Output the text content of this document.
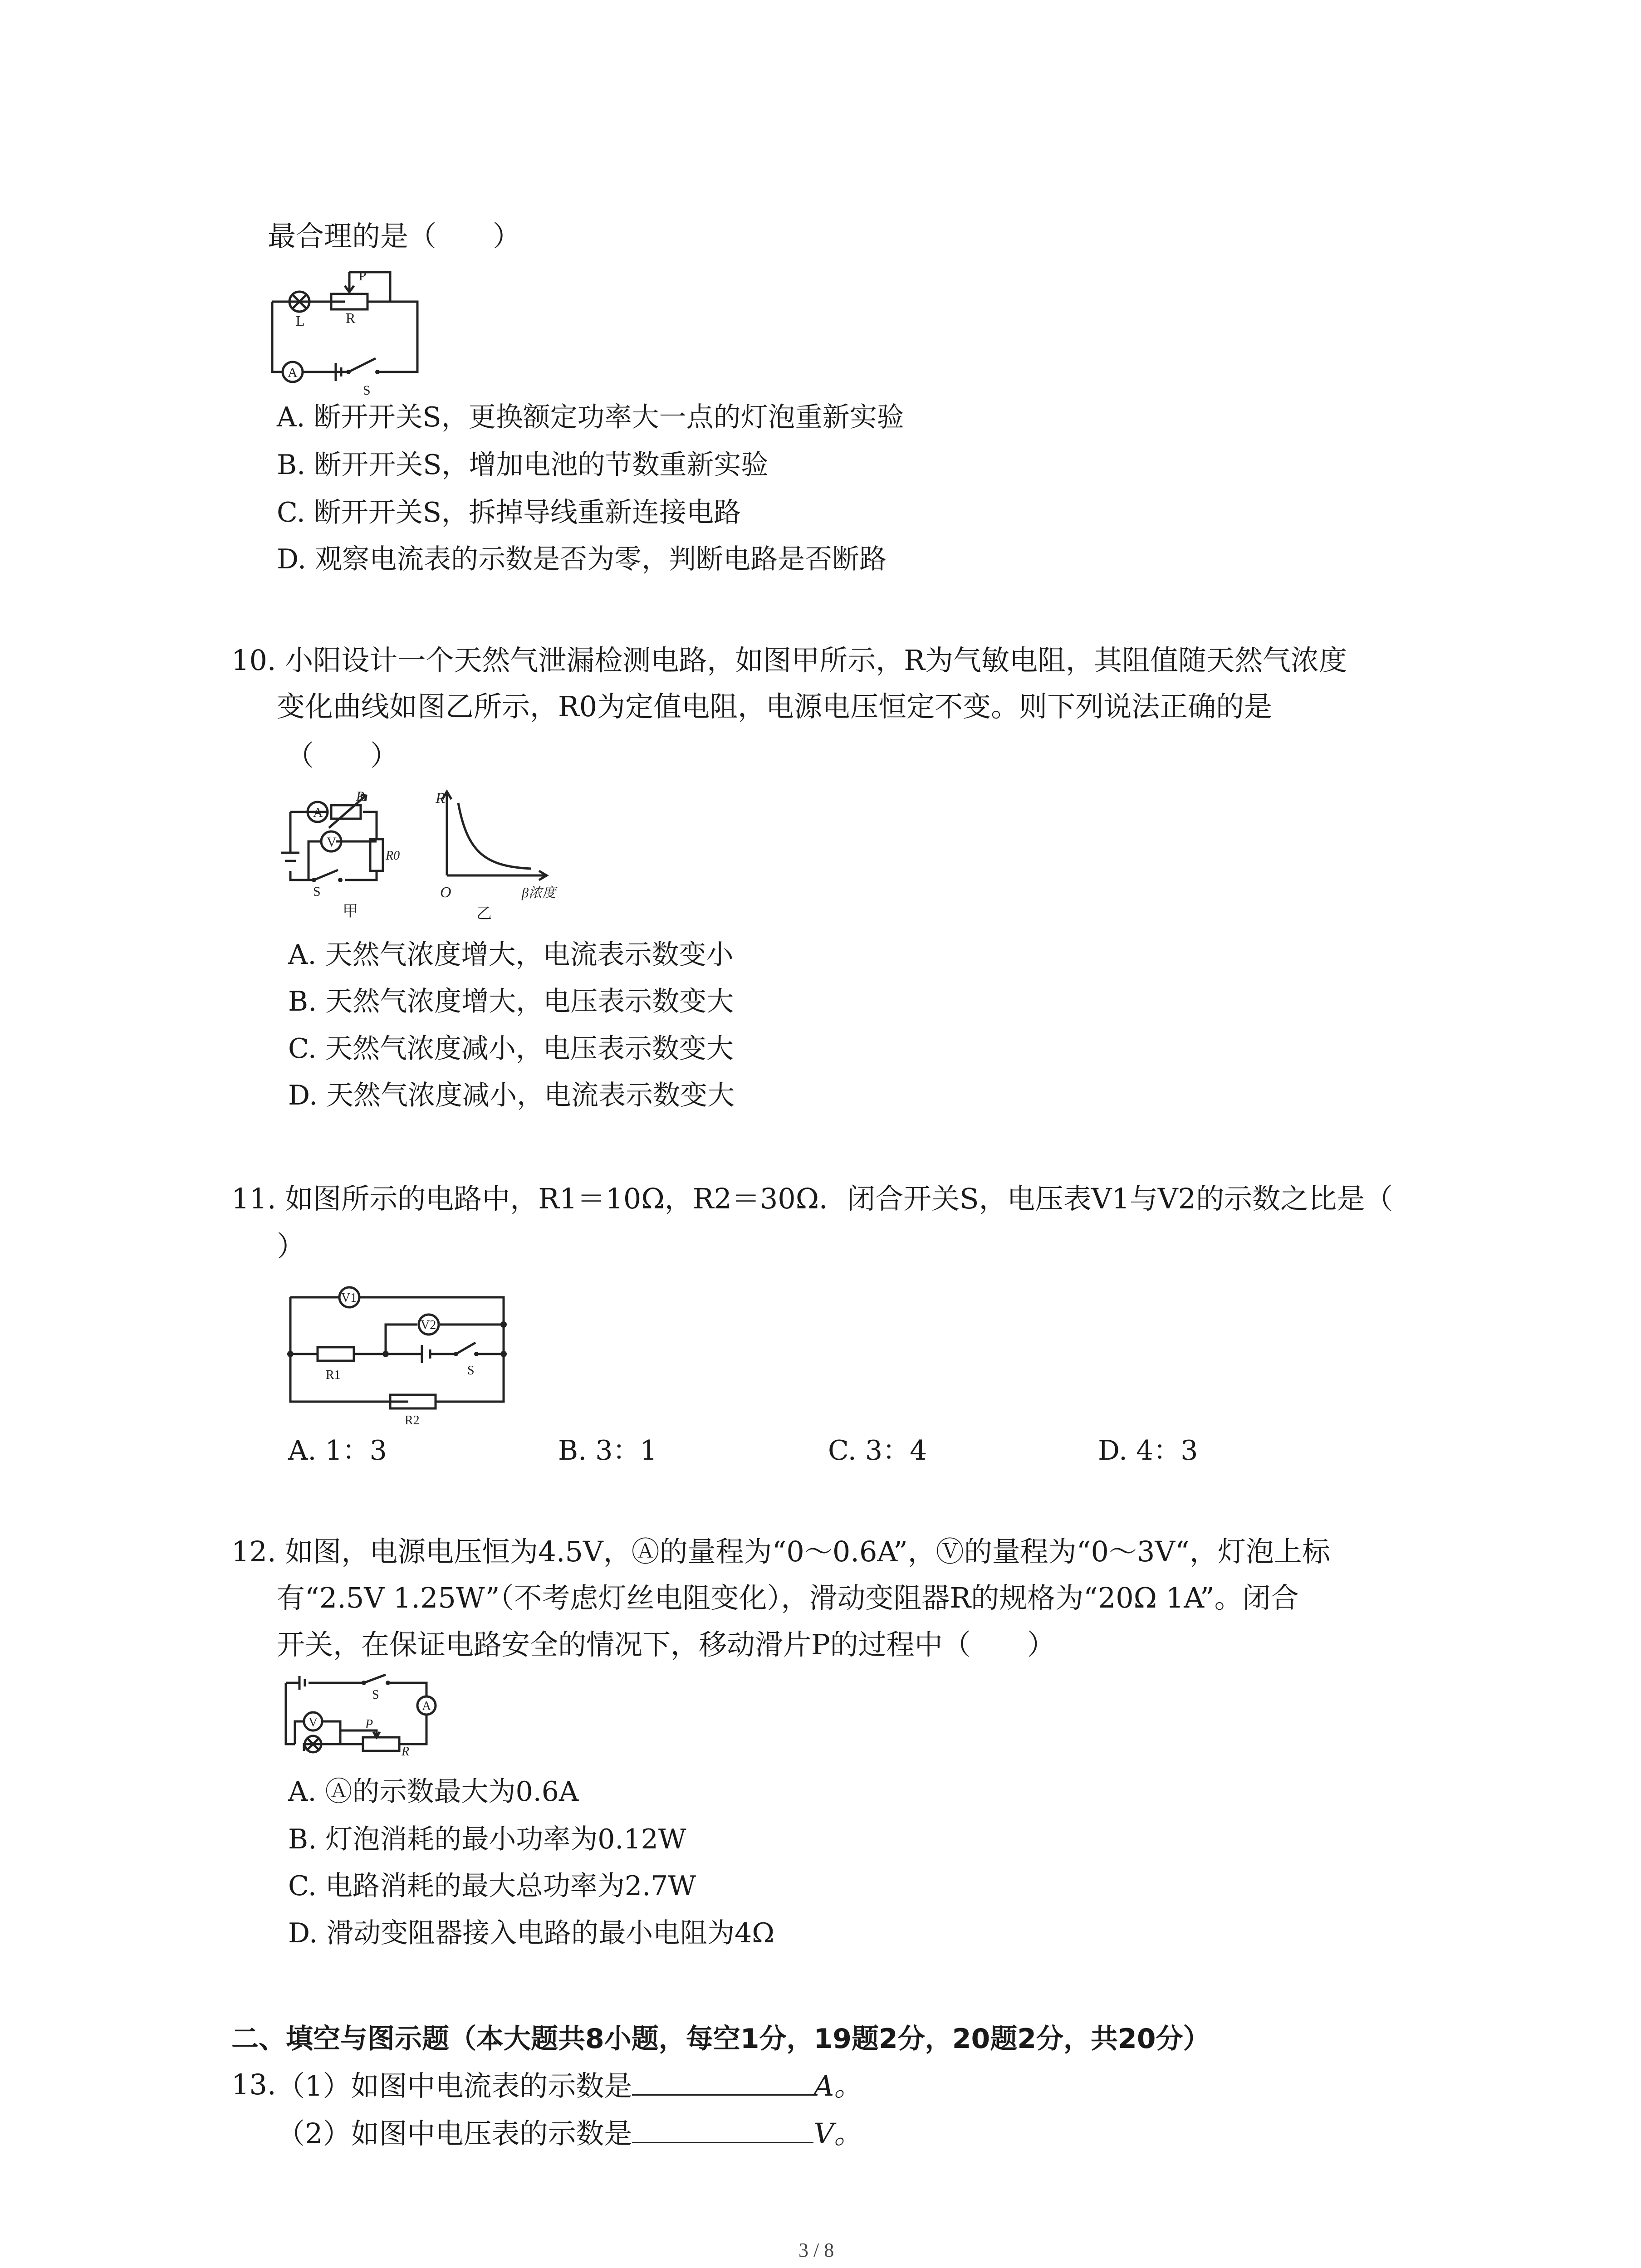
最合理的是（　　）
P
R
L
A
S
A. 断开开关S，更换额定功率大一点的灯泡重新实验
B. 断开开关S，增加电池的节数重新实验
C. 断开开关S，拆掉导线重新连接电路
D. 观察电流表的示数是否为零，判断电路是否断路
10. 小阳设计一个天然气泄漏检测电路，如图甲所示，R为气敏电阻，其阻值随天然气浓度
变化曲线如图乙所示，R0为定值电阻，电源电压恒定不变。则下列说法正确的是
（　　）
A
V
R
R0
S
甲
R
O	β浓度
乙
A. 天然气浓度增大，电流表示数变小
B. 天然气浓度增大，电压表示数变大
C. 天然气浓度减小，电压表示数变大
D. 天然气浓度减小，电流表示数变大
11. 如图所示的电路中，R1＝10Ω，R2＝30Ω．闭合开关S，电压表V1与V2的示数之比是（
）
V1
V2
R1
R2
S
A. 1：3	B. 3：1	C. 3：4	D. 4：3
12. 如图，电源电压恒为4.5V，Ⓐ的量程为“0～0.6A”，Ⓥ的量程为“0～3V“，灯泡上标
有“2.5V 1.25W”（不考虑灯丝电阻变化），滑动变阻器R的规格为“20Ω 1A”。闭合
开关，在保证电路安全的情况下，移动滑片P的过程中（　　）
V
A
S
P
R
A. Ⓐ的示数最大为0.6A
B. 灯泡消耗的最小功率为0.12W
C. 电路消耗的最大总功率为2.7W
D. 滑动变阻器接入电路的最小电阻为4Ω
二、填空与图示题（本大题共8小题，每空1分，19题2分，20题2分，共20分）
13. （1）如图中电流表的示数是	A。
（2）如图中电压表的示数是	V。
3 / 8
